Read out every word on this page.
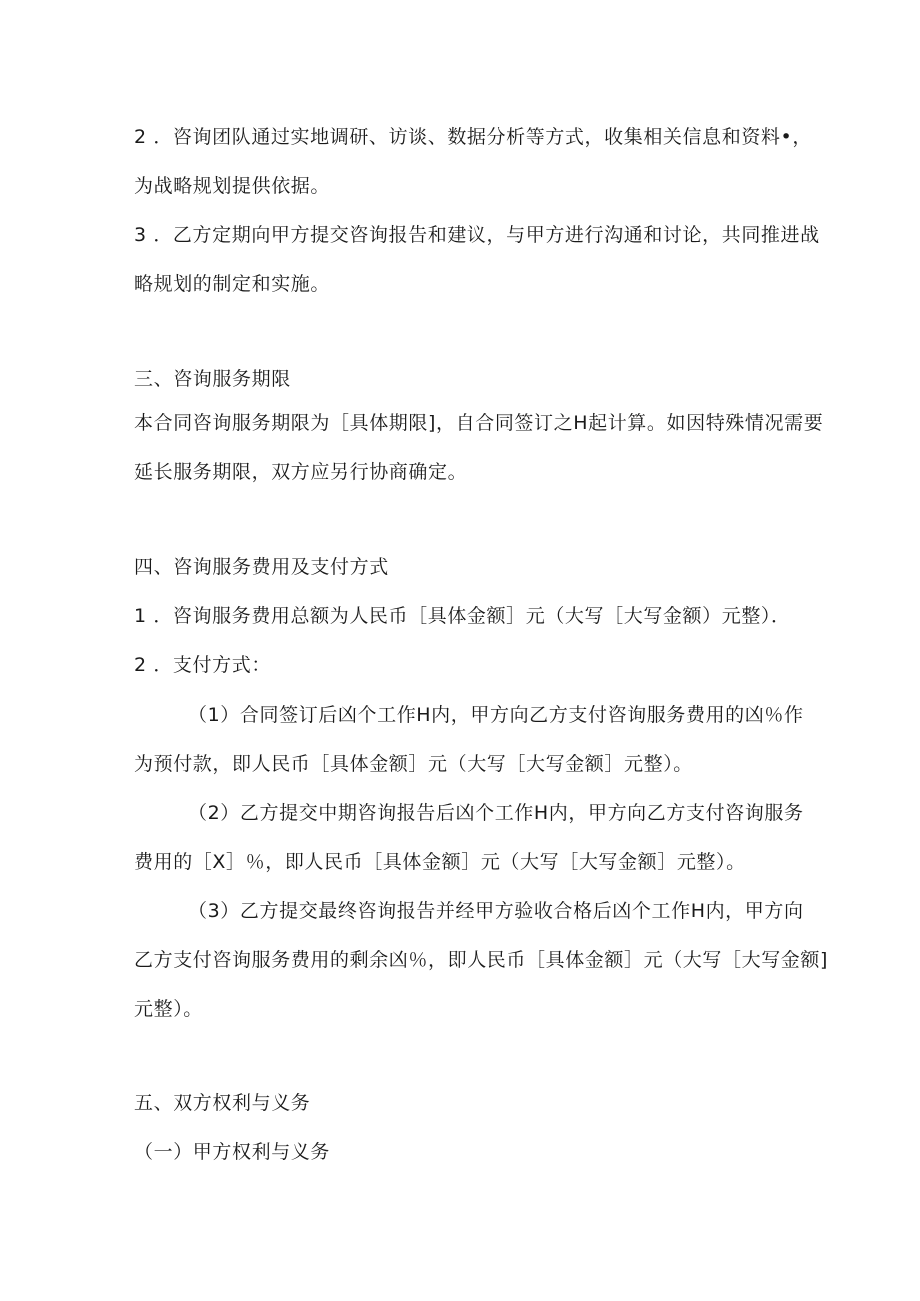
2 ．咨询团队通过实地调研、访谈、数据分析等方式，收集相关信息和资料•，
为战略规划提供依据。
3 ．乙方定期向甲方提交咨询报告和建议，与甲方进行沟通和讨论，共同推进战
略规划的制定和实施。
三、咨询服务期限
本合同咨询服务期限为［具体期限]，自合同签订之H起计算。如因特殊情况需要
延长服务期限，双方应另行协商确定。
四、咨询服务费用及支付方式
1 ．咨询服务费用总额为人民币［具体金额］元（大写［大写金额）元整）．
2 ．支付方式：
（1）合同签订后凶个工作H内，甲方向乙方支付咨询服务费用的凶％作
为预付款，即人民币［具体金额］元（大写［大写金额］元整）。
（2）乙方提交中期咨询报告后凶个工作H内，甲方向乙方支付咨询服务
费用的［X］％，即人民币［具体金额］元（大写［大写金额］元整）。
（3）乙方提交最终咨询报告并经甲方验收合格后凶个工作H内，甲方向
乙方支付咨询服务费用的剩余凶％，即人民币［具体金额］元（大写［大写金额]
元整）。
五、双方权利与义务
（一）甲方权利与义务
